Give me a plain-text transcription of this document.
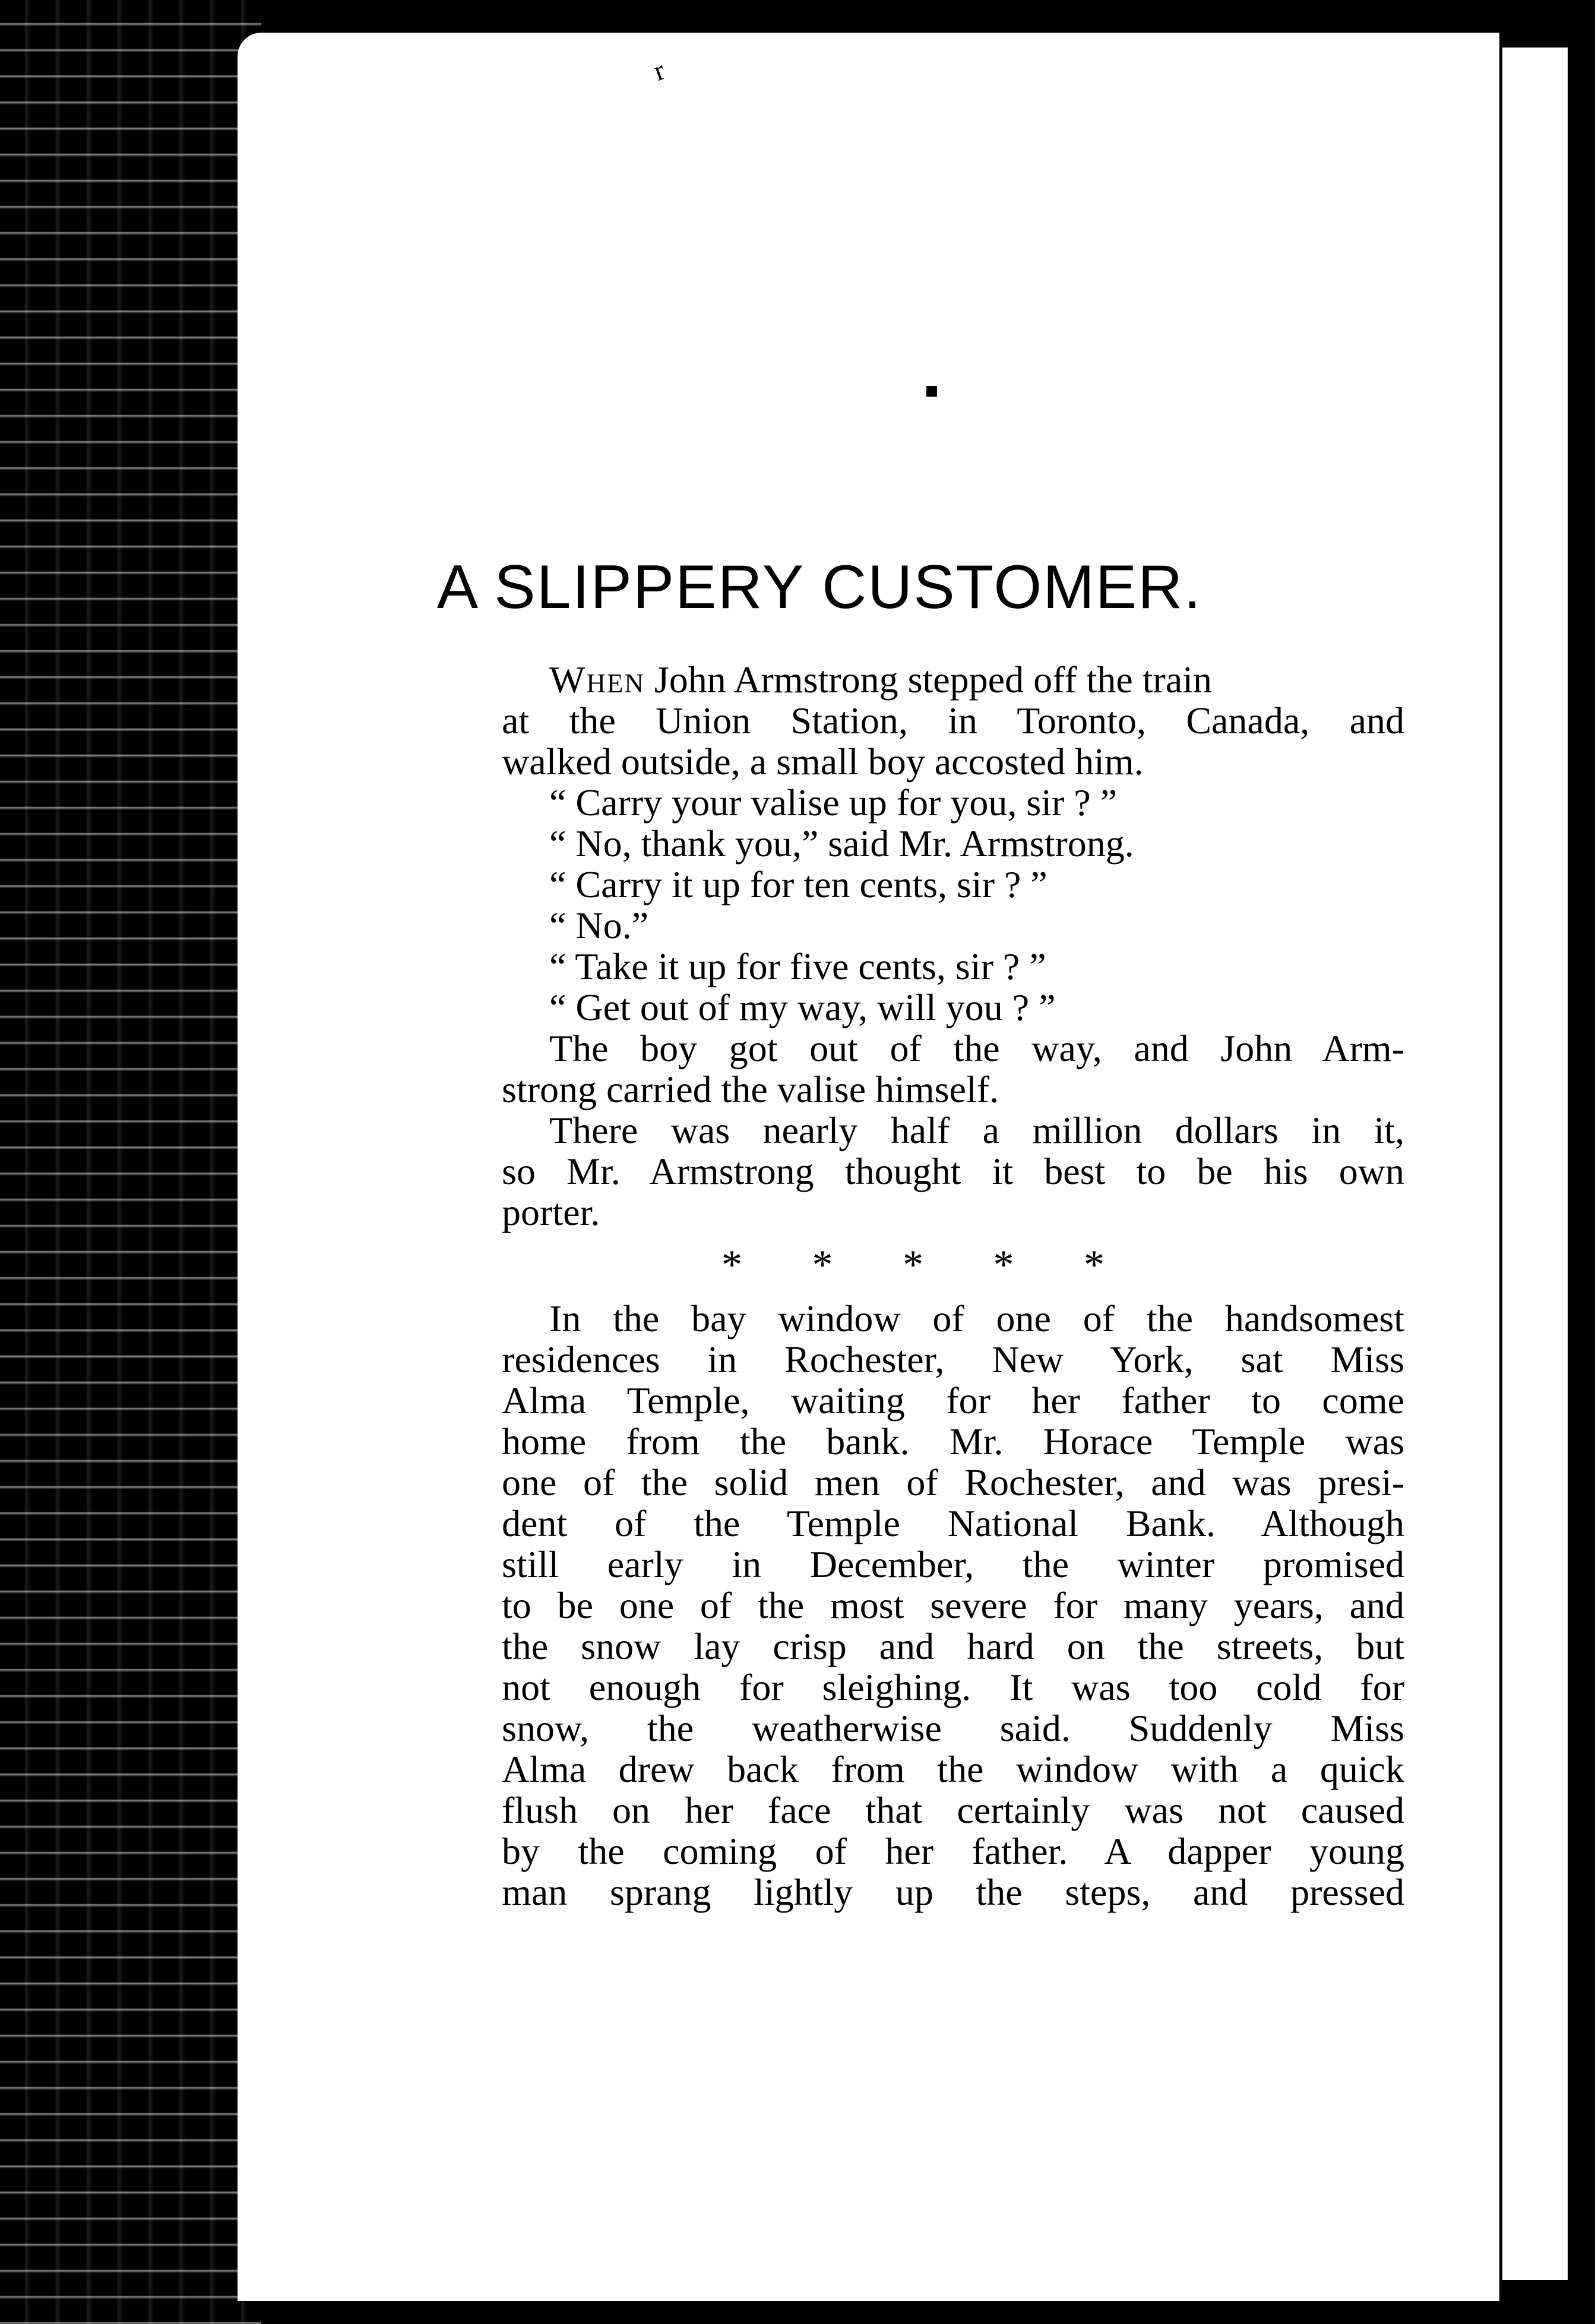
ʳ
A SLIPPERY CUSTOMER.
When John Armstrong stepped off the train
at the Union Station, in Toronto, Canada, and
walked outside, a small boy accosted him.
“ Carry your valise up for you, sir ? ”
“ No, thank you,” said Mr. Armstrong.
“ Carry it up for ten cents, sir ? ”
“ No.”
“ Take it up for five cents, sir ? ”
“ Get out of my way, will you ? ”
The boy got out of the way, and John Arm-
strong carried the valise himself.
There was nearly half a million dollars in it,
so Mr. Armstrong thought it best to be his own
porter.
* * * * *
In the bay window of one of the handsomest
residences in Rochester, New York, sat Miss
Alma Temple, waiting for her father to come
home from the bank. Mr. Horace Temple was
one of the solid men of Rochester, and was presi-
dent of the Temple National Bank. Although
still early in December, the winter promised
to be one of the most severe for many years, and
the snow lay crisp and hard on the streets, but
not enough for sleighing. It was too cold for
snow, the weatherwise said. Suddenly Miss
Alma drew back from the window with a quick
flush on her face that certainly was not caused
by the coming of her father. A dapper young
man sprang lightly up the steps, and pressed
